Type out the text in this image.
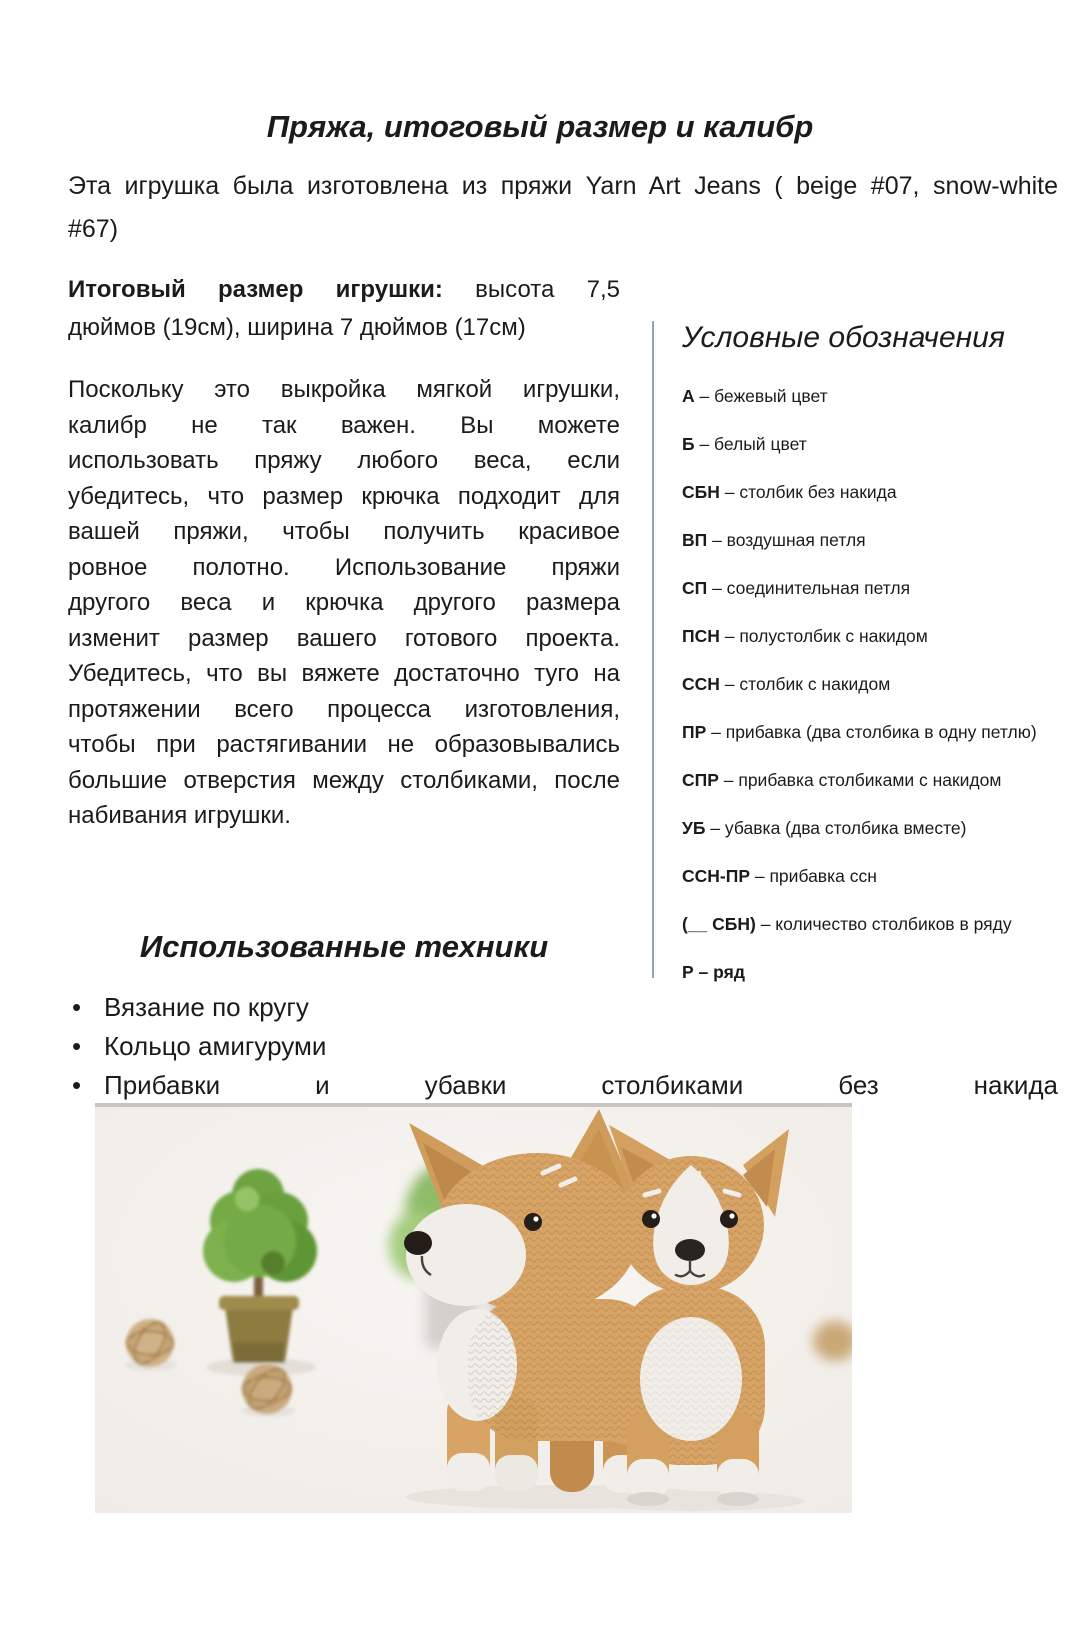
Пряжа, итоговый размер и калибр
Эта игрушка была изготовлена из пряжи Yarn Art Jeans ( beige #07, snow-white
#67)
Итоговый размер игрушки: высота 7,5
дюймов (19см), ширина 7 дюймов (17см)
Поскольку это выкройка мягкой игрушки,
калибр не так важен. Вы можете
использовать пряжу любого веса, если
убедитесь, что размер крючка подходит для
вашей пряжи, чтобы получить красивое
ровное полотно. Использование пряжи
другого веса и крючка другого размера
изменит размер вашего готового проекта.
Убедитесь, что вы вяжете достаточно туго на
протяжении всего процесса изготовления,
чтобы при растягивании не образовывались
большие отверстия между столбиками, после
набивания игрушки.
Использованные техники
Условные обозначения
А – бежевый цвет
Б – белый цвет
СБН – столбик без накида
ВП – воздушная петля
СП – соединительная петля
ПСН – полустолбик с накидом
ССН – столбик с накидом
ПР – прибавка (два столбика в одну петлю)
СПР – прибавка столбиками с накидом
УБ – убавка (два столбика вместе)
ССН-ПР – прибавка ссн
(__ СБН) – количество столбиков в ряду
Р – ряд
• Вязание по кругу
• Кольцо амигуруми
• Прибавки и убавки столбиками без накида
